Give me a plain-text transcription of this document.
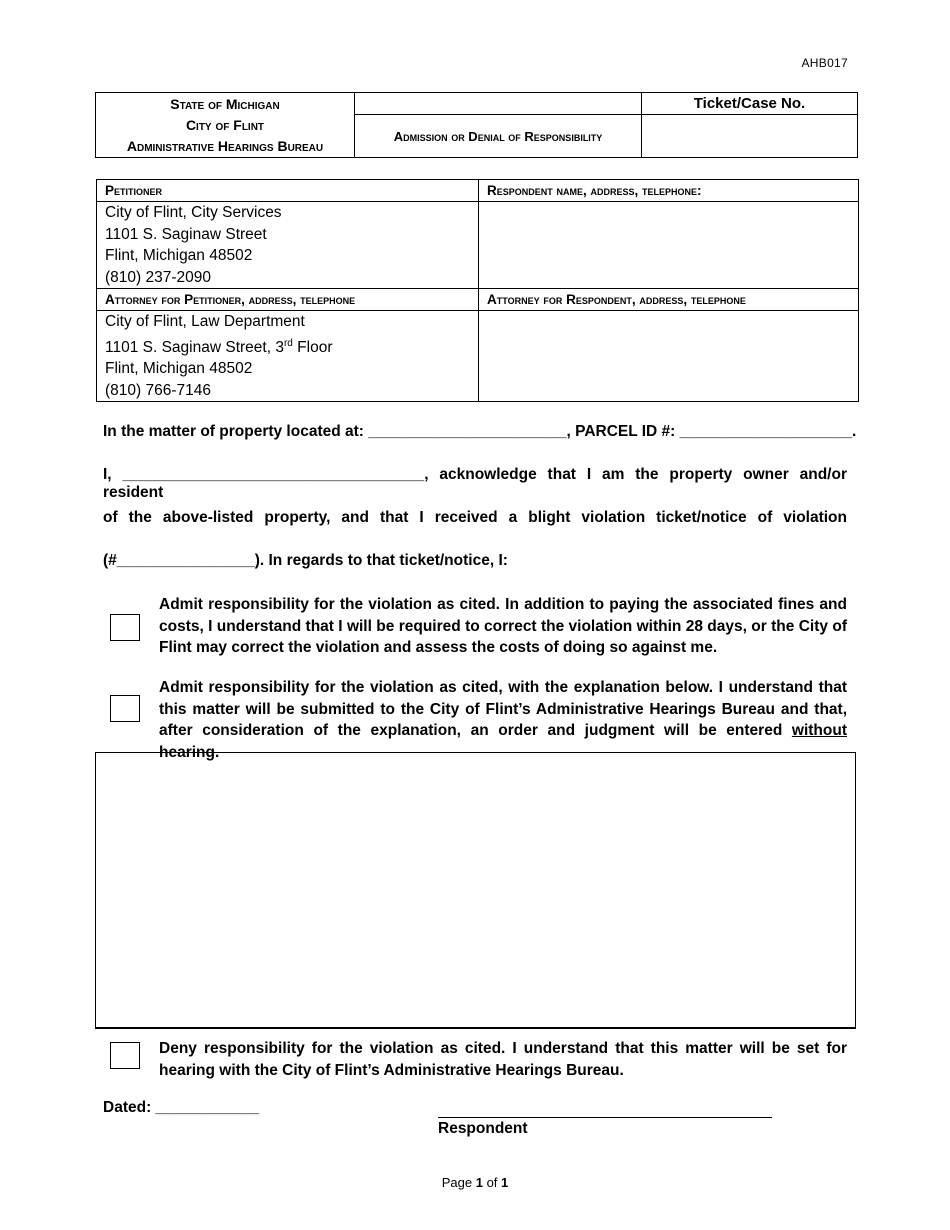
AHB017
State of Michigan
City of Flint
Administrative Hearings Bureau		Ticket/Case No.
	Admission or Denial of Responsibility	
Petitioner	Respondent name, address, telephone:

City of Flint, City Services
1101 S. Saginaw Street
Flint, Michigan 48502
(810) 237-2090	

Attorney for Petitioner, address, telephone	Attorney for Respondent, address, telephone

City of Flint, Law Department
1101 S. Saginaw Street, 3rd Floor
Flint, Michigan 48502
(810) 766-7146	

In the matter of property located at: _______________________, PARCEL ID #: ____________________.
I, ___________________________________, acknowledge that I am the property owner and/or resident
of the above-listed property, and that I received a blight violation ticket/notice of violation
(#________________). In regards to that ticket/notice, I:
Admit responsibility for the violation as cited. In addition to paying the associated fines and costs, I understand that I will be required to correct the violation within 28 days, or the City of Flint may correct the violation and assess the costs of doing so against me.
Admit responsibility for the violation as cited, with the explanation below. I understand that this matter will be submitted to the City of Flint’s Administrative Hearings Bureau and that, after consideration of the explanation, an order and judgment will be entered without hearing.
Deny responsibility for the violation as cited. I understand that this matter will be set for hearing with the City of Flint’s Administrative Hearings Bureau.
Dated: ____________
Respondent
Page 1 of 1
